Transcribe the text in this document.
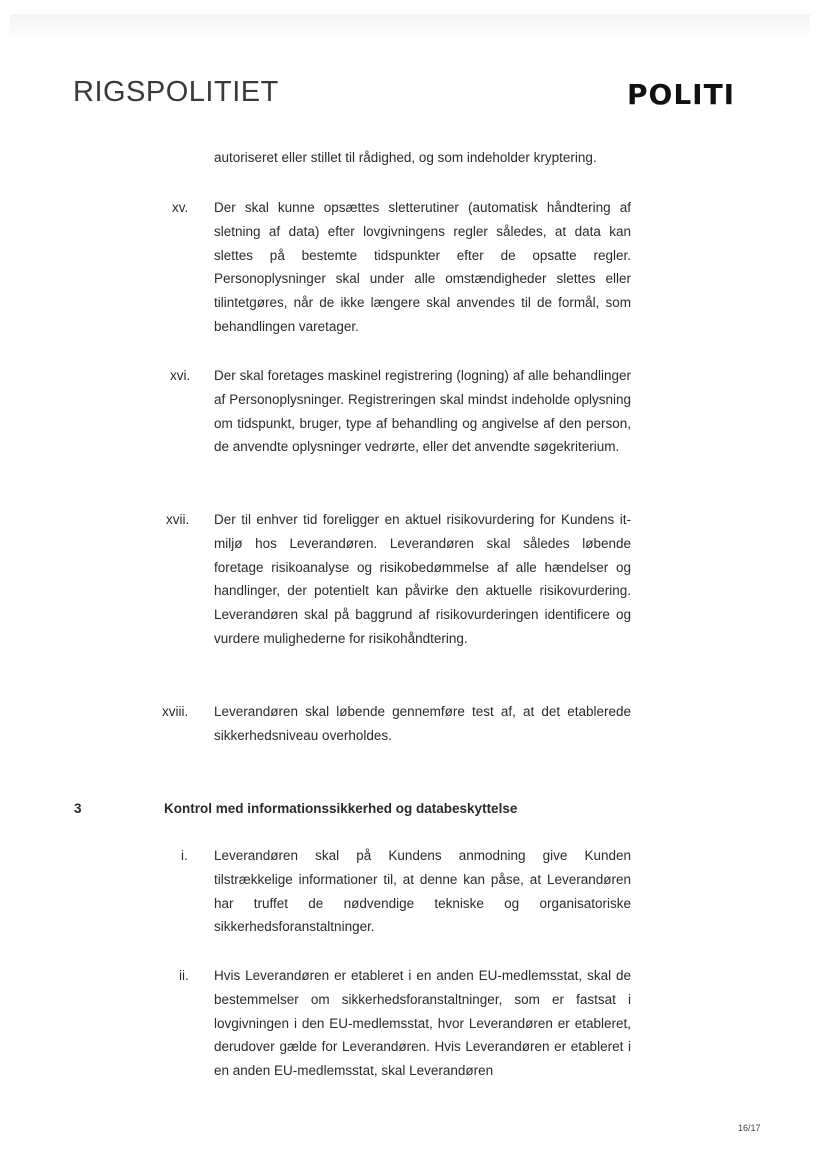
RIGSPOLITIET	POLITI
autoriseret eller stillet til rådighed, og som indeholder kryptering.
xv. Der skal kunne opsættes sletterutiner (automatisk håndtering af sletning af data) efter lovgivningens regler således, at data kan slettes på bestemte tidspunkter efter de opsatte regler. Personoplysninger skal under alle omstændigheder slettes eller tilintetgøres, når de ikke længere skal anvendes til de formål, som behandlingen varetager.
xvi. Der skal foretages maskinel registrering (logning) af alle behandlinger af Personoplysninger. Registreringen skal mindst indeholde oplysning om tidspunkt, bruger, type af behandling og angivelse af den person, de anvendte oplysninger vedrørte, eller det anvendte søgekriterium.
xvii. Der til enhver tid foreligger en aktuel risikovurdering for Kundens it-miljø hos Leverandøren. Leverandøren skal således løbende foretage risikoanalyse og risikobedømmelse af alle hændelser og handlinger, der potentielt kan påvirke den aktuelle risikovurdering. Leverandøren skal på baggrund af risikovurderingen identificere og vurdere mulighederne for risikohåndtering.
xviii. Leverandøren skal løbende gennemføre test af, at det etablerede sikkerhedsniveau overholdes.
3	Kontrol med informationssikkerhed og databeskyttelse
i. Leverandøren skal på Kundens anmodning give Kunden tilstrækkelige informationer til, at denne kan påse, at Leverandøren har truffet de nødvendige tekniske og organisatoriske sikkerhedsforanstaltninger.
ii. Hvis Leverandøren er etableret i en anden EU-medlemsstat, skal de bestemmelser om sikkerhedsforanstaltninger, som er fastsat i lovgivningen i den EU-medlemsstat, hvor Leverandøren er etableret, derudover gælde for Leverandøren. Hvis Leverandøren er etableret i en anden EU-medlemsstat, skal Leverandøren
16/17
